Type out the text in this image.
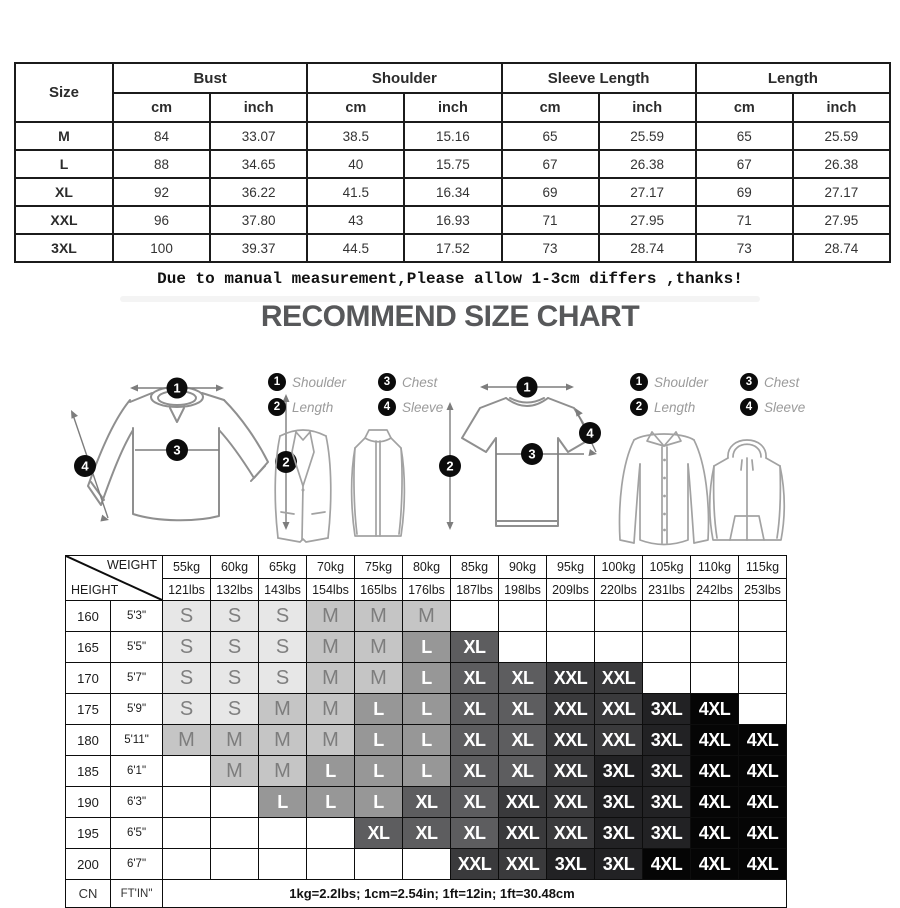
Size	Bust		Shoulder		Sleeve Length		Length	
	cm	inch	cm	inch	cm	inch	cm	inch
M	84	33.07	38.5	15.16	65	25.59	65	25.59
L	88	34.65	40	15.75	67	26.38	67	26.38
XL	92	36.22	41.5	16.34	69	27.17	69	27.17
XXL	96	37.80	43	16.93	71	27.95	71	27.95
3XL	100	39.37	44.5	17.52	73	28.74	73	28.74
Due to manual measurement,Please allow 1-3cm differs ,thanks!
RECOMMEND SIZE CHART
1
2
3
4
1 Shoulder	3 Chest
2 Length	4 Sleeve
1
2
3
4
1 Shoulder	3 Chest
2 Length	4 Sleeve
WEIGHT
HEIGHT		55kg	60kg	65kg	70kg	75kg	80kg	85kg	90kg	95kg	100kg	105kg	110kg	115kg
		121lbs	132lbs	143lbs	154lbs	165lbs	176lbs	187lbs	198lbs	209lbs	220lbs	231lbs	242lbs	253lbs
160	5'3"	S	S	S	M	M	M							
165	5'5"	S	S	S	M	M	L	XL						
170	5'7"	S	S	S	M	M	L	XL	XL	XXL	XXL			
175	5'9"	S	S	M	M	L	L	XL	XL	XXL	XXL	3XL	4XL	
180	5'11"	M	M	M	M	L	L	XL	XL	XXL	XXL	3XL	4XL	4XL
185	6'1"		M	M	L	L	L	XL	XL	XXL	3XL	3XL	4XL	4XL
190	6'3"			L	L	L	XL	XL	XXL	XXL	3XL	3XL	4XL	4XL
195	6'5"					XL	XL	XL	XXL	XXL	3XL	3XL	4XL	4XL
200	6'7"							XXL	XXL	3XL	3XL	4XL	4XL	4XL
CN	FT'IN"	1kg=2.2lbs; 1cm=2.54in; 1ft=12in; 1ft=30.48cm												
